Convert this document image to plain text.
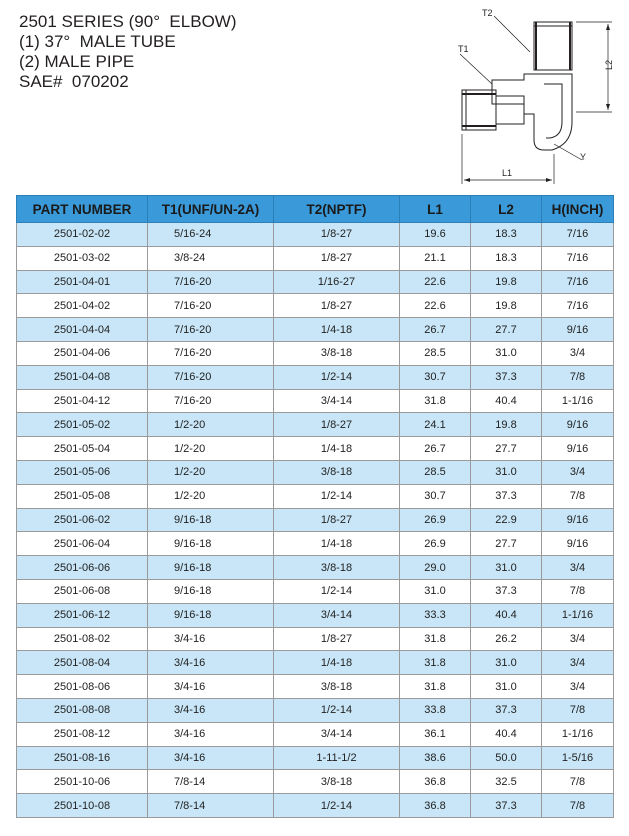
2501 SERIES (90°  ELBOW)
(1) 37°  MALE TUBE
(2) MALE PIPE
SAE#  070202
T2
T1
L2
L1
Y
PART NUMBER	T1(UNF/UN-2A)	T2(NPTF)	L1	L2	H(INCH)
2501-02-02	5/16-24	1/8-27	19.6	18.3	7/16
2501-03-02	3/8-24	1/8-27	21.1	18.3	7/16
2501-04-01	7/16-20	1/16-27	22.6	19.8	7/16
2501-04-02	7/16-20	1/8-27	22.6	19.8	7/16
2501-04-04	7/16-20	1/4-18	26.7	27.7	9/16
2501-04-06	7/16-20	3/8-18	28.5	31.0	3/4
2501-04-08	7/16-20	1/2-14	30.7	37.3	7/8
2501-04-12	7/16-20	3/4-14	31.8	40.4	1-1/16
2501-05-02	1/2-20	1/8-27	24.1	19.8	9/16
2501-05-04	1/2-20	1/4-18	26.7	27.7	9/16
2501-05-06	1/2-20	3/8-18	28.5	31.0	3/4
2501-05-08	1/2-20	1/2-14	30.7	37.3	7/8
2501-06-02	9/16-18	1/8-27	26.9	22.9	9/16
2501-06-04	9/16-18	1/4-18	26.9	27.7	9/16
2501-06-06	9/16-18	3/8-18	29.0	31.0	3/4
2501-06-08	9/16-18	1/2-14	31.0	37.3	7/8
2501-06-12	9/16-18	3/4-14	33.3	40.4	1-1/16
2501-08-02	3/4-16	1/8-27	31.8	26.2	3/4
2501-08-04	3/4-16	1/4-18	31.8	31.0	3/4
2501-08-06	3/4-16	3/8-18	31.8	31.0	3/4
2501-08-08	3/4-16	1/2-14	33.8	37.3	7/8
2501-08-12	3/4-16	3/4-14	36.1	40.4	1-1/16
2501-08-16	3/4-16	1-11-1/2	38.6	50.0	1-5/16
2501-10-06	7/8-14	3/8-18	36.8	32.5	7/8
2501-10-08	7/8-14	1/2-14	36.8	37.3	7/8
